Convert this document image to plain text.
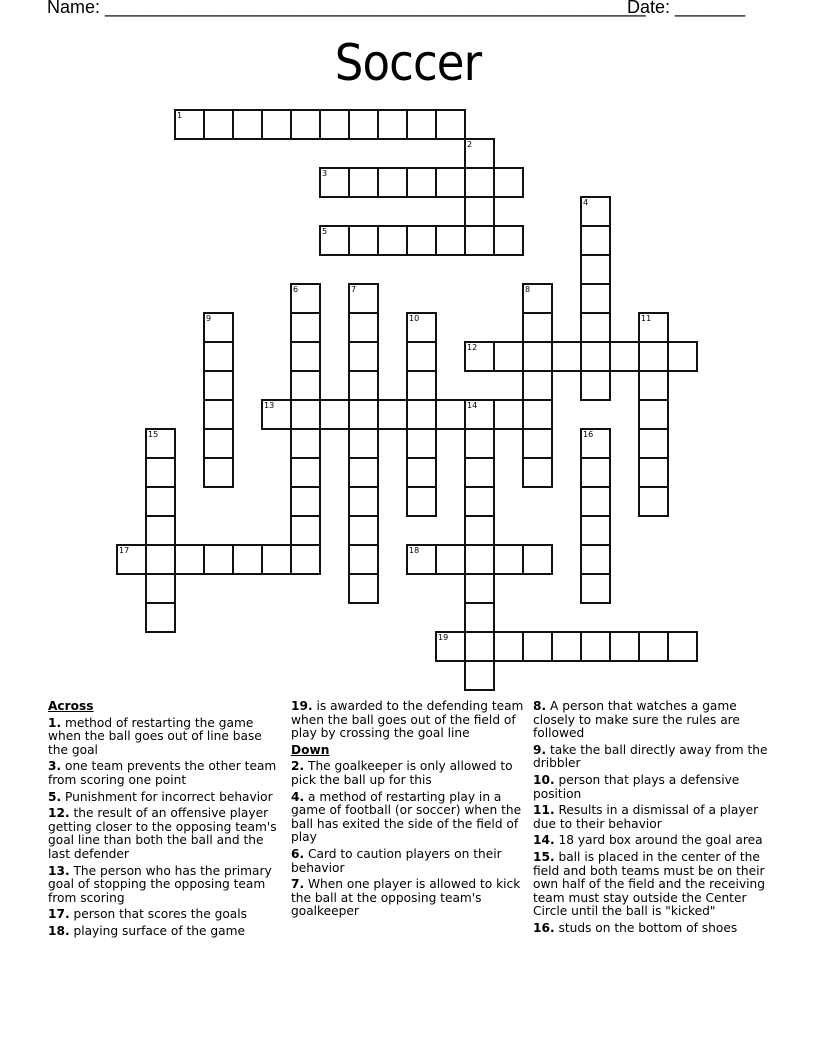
Name: ______________________________________________________
Date: _______
Soccer
1
2
3
4
5
6	7	8
9	10	11
12
13	14
15	16
17	18
19
Across
1. method of restarting the game when the ball goes out of line base the goal
3. one team prevents the other team from scoring one point
5. Punishment for incorrect behavior
12. the result of an offensive player getting closer to the opposing team's goal line than both the ball and the last defender
13. The person who has the primary goal of stopping the opposing team from scoring
17. person that scores the goals
18. playing surface of the game
19. is awarded to the defending team when the ball goes out of the field of play by crossing the goal line
Down
2. The goalkeeper is only allowed to pick the ball up for this
4. a method of restarting play in a game of football (or soccer) when the ball has exited the side of the field of play
6. Card to caution players on their behavior
7. When one player is allowed to kick the ball at the opposing team's goalkeeper
8. A person that watches a game closely to make sure the rules are followed
9. take the ball directly away from the dribbler
10. person that plays a defensive position
11. Results in a dismissal of a player due to their behavior
14. 18 yard box around the goal area
15. ball is placed in the center of the field and both teams must be on their own half of the field and the receiving team must stay outside the Center Circle until the ball is "kicked"
16. studs on the bottom of shoes
